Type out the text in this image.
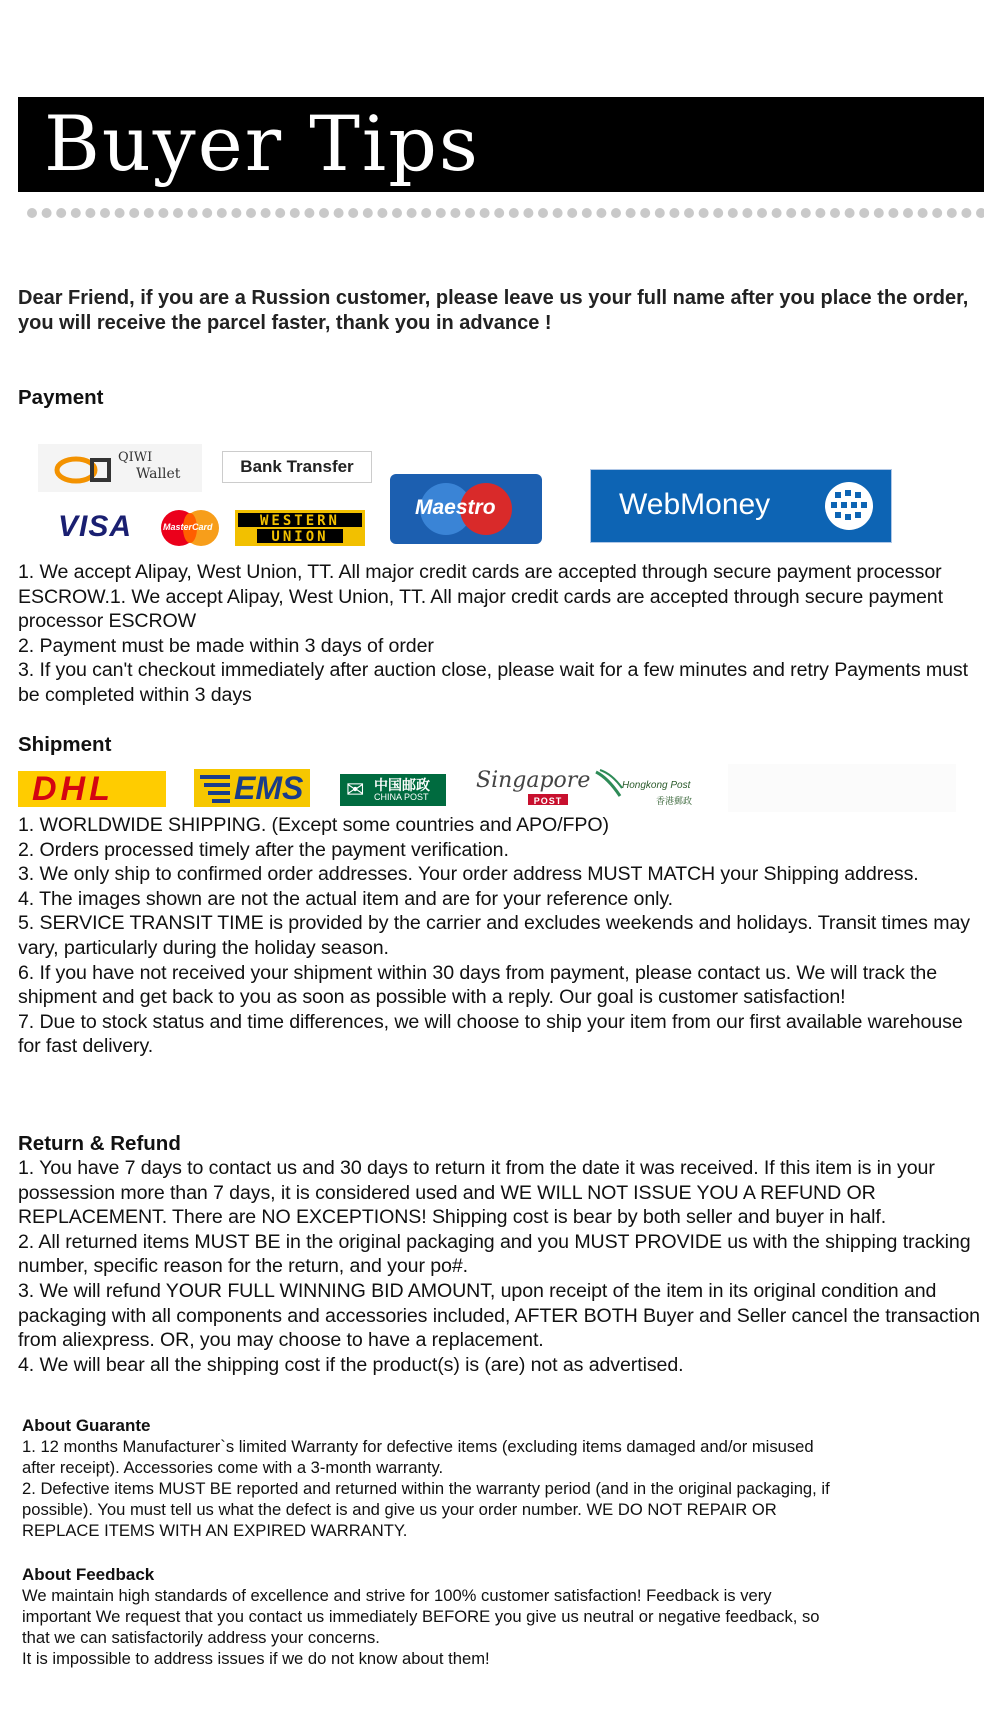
Buyer Tips

Dear Friend, if you are a Russion customer, please leave us your full name after you place the order, you will receive the parcel faster, thank you in advance !

Payment
QIWI
Wallet	Bank Transfer
VISA	MasterCard	WESTERN
UNION
Maestro	WebMoney

1. We accept Alipay, West Union, TT. All major credit cards are accepted through secure payment processor ESCROW.1. We accept Alipay, West Union, TT. All major credit cards are accepted through secure payment processor ESCROW

2. Payment must be made within 3 days of order

3. If you can't checkout immediately after auction close, please wait for a few minutes and retry Payments must be completed within 3 days

Shipment
DHL	EMS	中国邮政
CHINA POST
✉	Singapore
POST
Hongkong Post
香港郵政

1. WORLDWIDE SHIPPING. (Except some countries and APO/FPO)

2. Orders processed timely after the payment verification.

3. We only ship to confirmed order addresses. Your order address MUST MATCH your Shipping address.

4. The images shown are not the actual item and are for your reference only.

5. SERVICE TRANSIT TIME is provided by the carrier and excludes weekends and holidays. Transit times may vary, particularly during the holiday season.

6. If you have not received your shipment within 30 days from payment, please contact us. We will track the shipment and get back to you as soon as possible with a reply. Our goal is customer satisfaction!

7. Due to stock status and time differences, we will choose to ship your item from our first available warehouse for fast delivery.

Return & Refund

1. You have 7 days to contact us and 30 days to return it from the date it was received. If this item is in your possession more than 7 days, it is considered used and WE WILL NOT ISSUE YOU A REFUND OR REPLACEMENT. There are NO EXCEPTIONS! Shipping cost is bear by both seller and buyer in half.

2. All returned items MUST BE in the original packaging and you MUST PROVIDE us with the shipping tracking number, specific reason for the return, and your po#.

3. We will refund YOUR FULL WINNING BID AMOUNT, upon receipt of the item in its original condition and packaging with all components and accessories included, AFTER BOTH Buyer and Seller cancel the transaction from aliexpress. OR, you may choose to have a replacement.

4. We will bear all the shipping cost if the product(s) is (are) not as advertised.

About Guarante

1. 12 months Manufacturer`s limited Warranty for defective items (excluding items damaged and/or misused after receipt). Accessories come with a 3-month warranty.

2. Defective items MUST BE reported and returned within the warranty period (and in the original packaging, if possible). You must tell us what the defect is and give us your order number. WE DO NOT REPAIR OR REPLACE ITEMS WITH AN EXPIRED WARRANTY.

About Feedback

We maintain high standards of excellence and strive for 100% customer satisfaction! Feedback is very important We request that you contact us immediately BEFORE you give us neutral or negative feedback, so that we can satisfactorily address your concerns.

It is impossible to address issues if we do not know about them!
